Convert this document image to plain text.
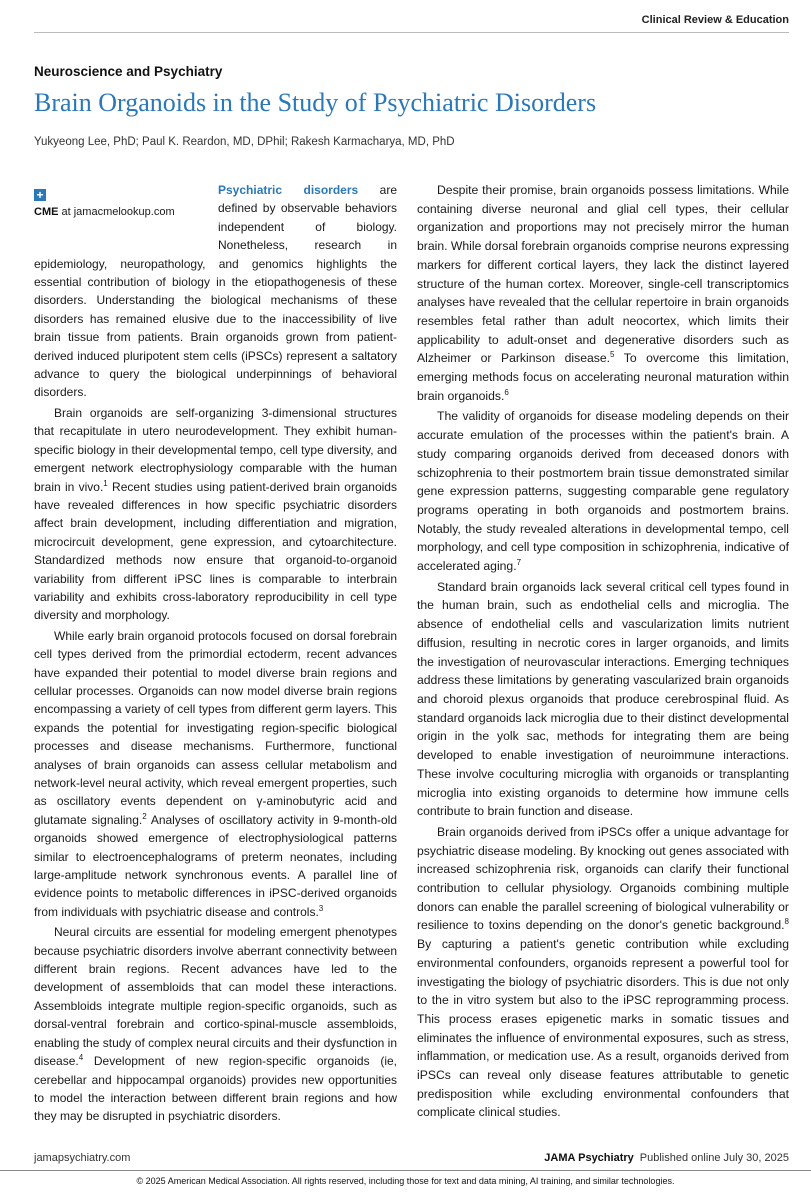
Clinical Review & Education
Neuroscience and Psychiatry
Brain Organoids in the Study of Psychiatric Disorders
Yukyeong Lee, PhD; Paul K. Reardon, MD, DPhil; Rakesh Karmacharya, MD, PhD

Psychiatric disorders
+
CME at jamacmelookup.com
are defined by observable behaviors independent of biology. Nonetheless, research in epidemiology, neuropathology, and genomics highlights the essential contribution of biology in the etiopathogenesis of these disorders. Understanding the biological mechanisms of these disorders has remained elusive due to the inaccessibility of live brain tissue from patients. Brain organoids grown from patient-derived induced pluripotent stem cells (iPSCs) represent a saltatory advance to query the biological underpinnings of behavioral disorders.

Brain organoids are self-organizing 3-dimensional structures that recapitulate in utero neurodevelopment. They exhibit human-specific biology in their developmental tempo, cell type diversity, and emergent network electrophysiology comparable with the human brain in vivo.$^1$ Recent studies using patient-derived brain organoids have revealed differences in how specific psychiatric disorders affect brain development, including differentiation and migration, microcircuit development, gene expression, and cytoarchitecture. Standardized methods now ensure that organoid-to-organoid variability from different iPSC lines is comparable to interbrain variability and exhibits cross-laboratory reproducibility in cell type diversity and morphology.

While early brain organoid protocols focused on dorsal forebrain cell types derived from the primordial ectoderm, recent advances have expanded their potential to model diverse brain regions and cellular processes. Organoids can now model diverse brain regions encompassing a variety of cell types from different germ layers. This expands the potential for investigating region-specific biological processes and disease mechanisms. Furthermore, functional analyses of brain organoids can assess cellular metabolism and network-level neural activity, which reveal emergent properties, such as oscillatory events dependent on γ-aminobutyric acid and glutamate signaling.$^2$ Analyses of oscillatory activity in 9-month-old organoids showed emergence of electrophysiological patterns similar to electroencephalograms of preterm neonates, including large-amplitude network synchronous events. A parallel line of evidence points to metabolic differences in iPSC-derived organoids from individuals with psychiatric disease and controls.$^3$

Neural circuits are essential for modeling emergent phenotypes because psychiatric disorders involve aberrant connectivity between different brain regions. Recent advances have led to the development of assembloids that can model these interactions. Assembloids integrate multiple region-specific organoids, such as dorsal-ventral forebrain and cortico-spinal-muscle assembloids, enabling the study of complex neural circuits and their dysfunction in disease.$^4$ Development of new region-specific organoids (ie, cerebellar and hippocampal organoids) provides new opportunities to model the interaction between different brain regions and how they may be disrupted in psychiatric disorders.

Despite their promise, brain organoids possess limitations. While containing diverse neuronal and glial cell types, their cellular organization and proportions may not precisely mirror the human brain. While dorsal forebrain organoids comprise neurons expressing markers for different cortical layers, they lack the distinct layered structure of the human cortex. Moreover, single-cell transcriptomics analyses have revealed that the cellular repertoire in brain organoids resembles fetal rather than adult neocortex, which limits their applicability to adult-onset and degenerative disorders such as Alzheimer or Parkinson disease.$^5$ To overcome this limitation, emerging methods focus on accelerating neuronal maturation within brain organoids.$^6$

The validity of organoids for disease modeling depends on their accurate emulation of the processes within the patient's brain. A study comparing organoids derived from deceased donors with schizophrenia to their postmortem brain tissue demonstrated similar gene expression patterns, suggesting comparable gene regulatory programs operating in both organoids and postmortem brains. Notably, the study revealed alterations in developmental tempo, cell morphology, and cell type composition in schizophrenia, indicative of accelerated aging.$^7$

Standard brain organoids lack several critical cell types found in the human brain, such as endothelial cells and microglia. The absence of endothelial cells and vascularization limits nutrient diffusion, resulting in necrotic cores in larger organoids, and limits the investigation of neurovascular interactions. Emerging techniques address these limitations by generating vascularized brain organoids and choroid plexus organoids that produce cerebrospinal fluid. As standard organoids lack microglia due to their distinct developmental origin in the yolk sac, methods for integrating them are being developed to enable investigation of neuroimmune interactions. These involve coculturing microglia with organoids or transplanting microglia into existing organoids to determine how immune cells contribute to brain function and disease.

Brain organoids derived from iPSCs offer a unique advantage for psychiatric disease modeling. By knocking out genes associated with increased schizophrenia risk, organoids can clarify their functional contribution to cellular physiology. Organoids combining multiple donors can enable the parallel screening of biological vulnerability or resilience to toxins depending on the donor's genetic background.$^8$ By capturing a patient's genetic contribution while excluding environmental confounders, organoids represent a powerful tool for investigating the biology of psychiatric disorders. This is due not only to the in vitro system but also to the iPSC reprogramming process. This process erases epigenetic marks in somatic tissues and eliminates the influence of environmental exposures, such as stress, inflammation, or medication use. As a result, organoids derived from iPSCs can reveal only disease features attributable to genetic predisposition while excluding environmental confounders that complicate clinical studies.

jamapsychiatry.com	JAMA Psychiatry Published online July 30, 2025
© 2025 American Medical Association. All rights reserved, including those for text and data mining, AI training, and similar technologies.
